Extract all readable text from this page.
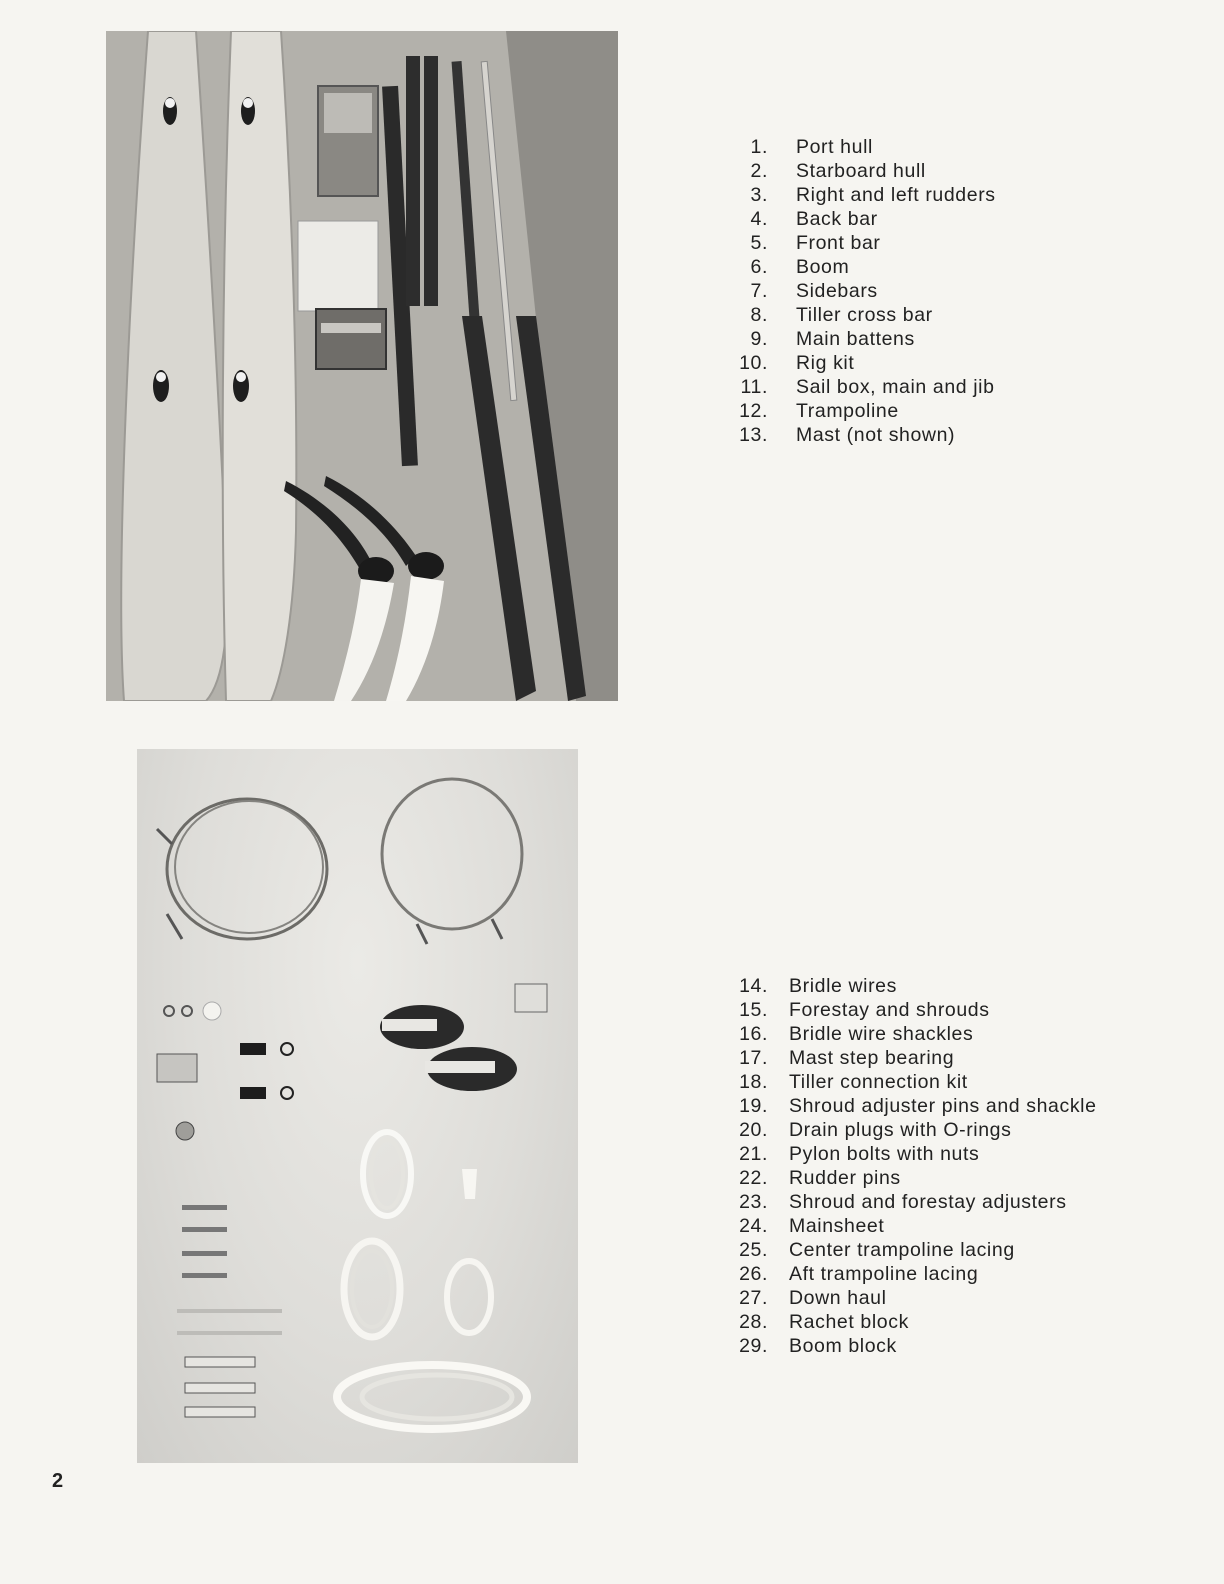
1. Port hull
2. Starboard hull
3. Right and left rudders
4. Back bar
5. Front bar
6. Boom
7. Sidebars
8. Tiller cross bar
9. Main battens
10. Rig kit
11. Sail box, main and jib
12. Trampoline
13. Mast (not shown)
14. Bridle wires
15. Forestay and shrouds
16. Bridle wire shackles
17. Mast step bearing
18. Tiller connection kit
19. Shroud adjuster pins and shackle
20. Drain plugs with O-rings
21. Pylon bolts with nuts
22. Rudder pins
23. Shroud and forestay adjusters
24. Mainsheet
25. Center trampoline lacing
26. Aft trampoline lacing
27. Down haul
28. Rachet block
29. Boom block
2
